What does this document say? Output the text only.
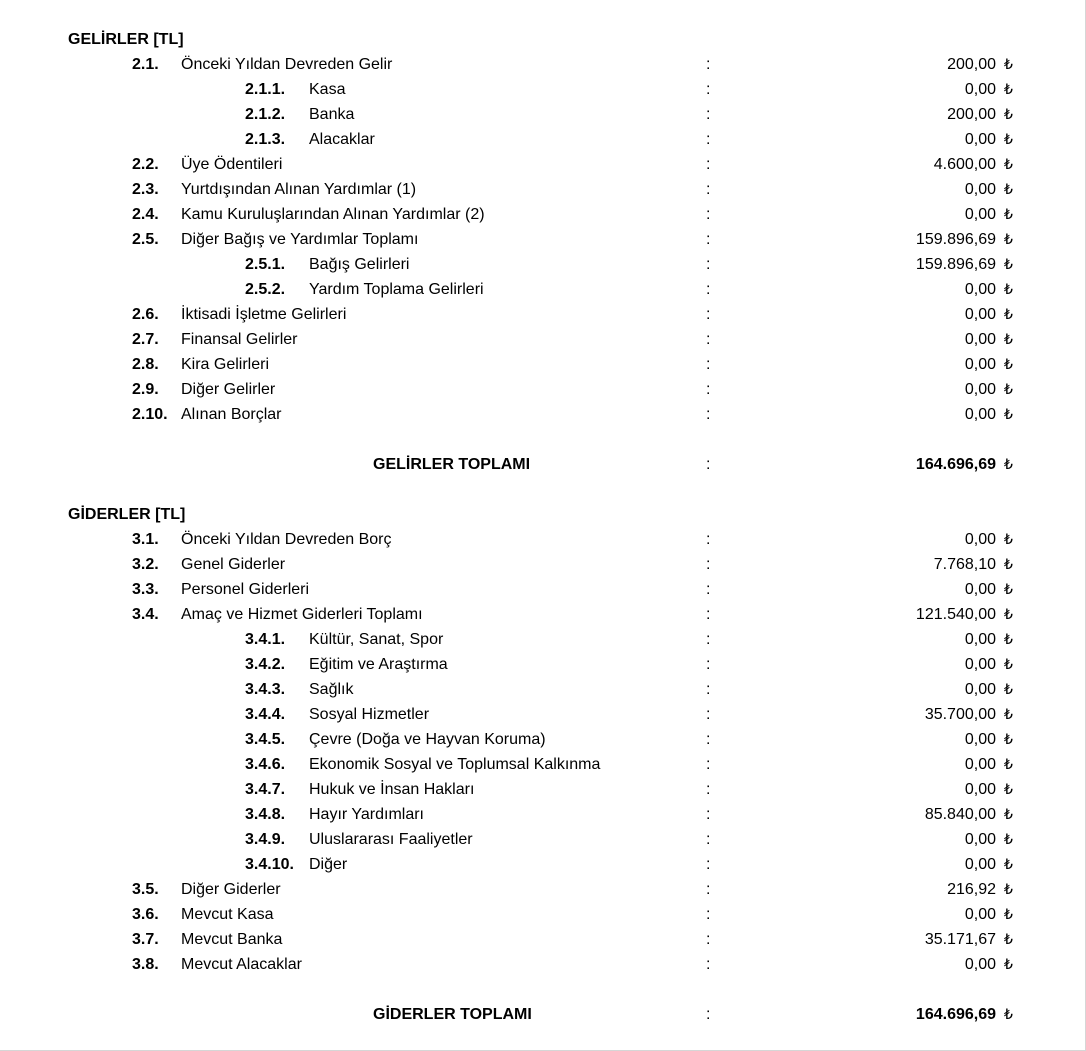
GELİRLER [TL]
2.1. Önceki Yıldan Devreden Gelir	:	200,00 ₺
2.1.1. Kasa	:	0,00 ₺
2.1.2. Banka	:	200,00 ₺
2.1.3. Alacaklar	:	0,00 ₺
2.2. Üye Ödentileri	:	4.600,00 ₺
2.3. Yurtdışından Alınan Yardımlar (1)	:	0,00 ₺
2.4. Kamu Kuruluşlarından Alınan Yardımlar (2)	:	0,00 ₺
2.5. Diğer Bağış ve Yardımlar Toplamı	:	159.896,69 ₺
2.5.1. Bağış Gelirleri	:	159.896,69 ₺
2.5.2. Yardım Toplama Gelirleri	:	0,00 ₺
2.6. İktisadi İşletme Gelirleri	:	0,00 ₺
2.7. Finansal Gelirler	:	0,00 ₺
2.8. Kira Gelirleri	:	0,00 ₺
2.9. Diğer Gelirler	:	0,00 ₺
2.10. Alınan Borçlar	:	0,00 ₺
GELİRLER TOPLAMI	:	164.696,69 ₺
GİDERLER [TL]
3.1. Önceki Yıldan Devreden Borç	:	0,00 ₺
3.2. Genel Giderler	:	7.768,10 ₺
3.3. Personel Giderleri	:	0,00 ₺
3.4. Amaç ve Hizmet Giderleri Toplamı	:	121.540,00 ₺
3.4.1. Kültür, Sanat, Spor	:	0,00 ₺
3.4.2. Eğitim ve Araştırma	:	0,00 ₺
3.4.3. Sağlık	:	0,00 ₺
3.4.4. Sosyal Hizmetler	:	35.700,00 ₺
3.4.5. Çevre (Doğa ve Hayvan Koruma)	:	0,00 ₺
3.4.6. Ekonomik Sosyal ve Toplumsal Kalkınma	:	0,00 ₺
3.4.7. Hukuk ve İnsan Hakları	:	0,00 ₺
3.4.8. Hayır Yardımları	:	85.840,00 ₺
3.4.9. Uluslararası Faaliyetler	:	0,00 ₺
3.4.10. Diğer	:	0,00 ₺
3.5. Diğer Giderler	:	216,92 ₺
3.6. Mevcut Kasa	:	0,00 ₺
3.7. Mevcut Banka	:	35.171,67 ₺
3.8. Mevcut Alacaklar	:	0,00 ₺
GİDERLER TOPLAMI	:	164.696,69 ₺
